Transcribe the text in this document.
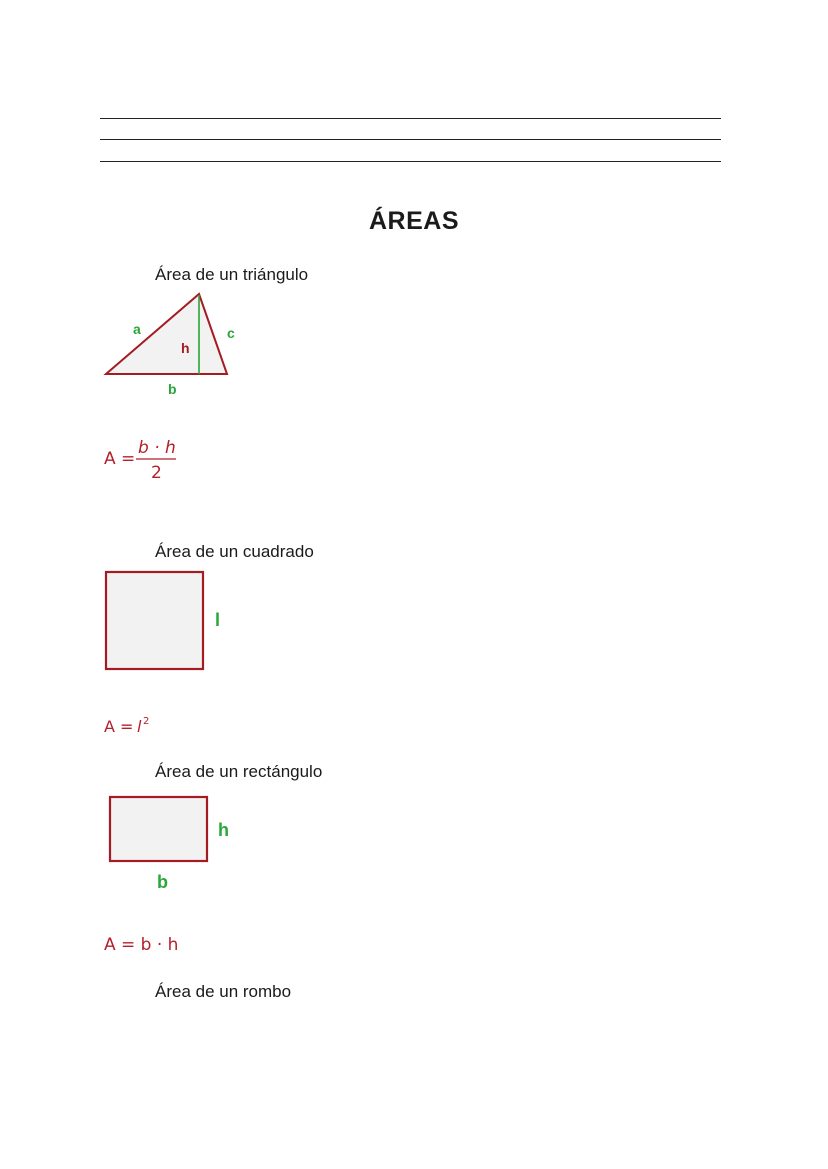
ÁREAS
Área de un triángulo
a	c
h
b
A =
b · h
2
Área de un cuadrado
l
A = l 2
Área de un rectángulo
h
b
A = b · h
Área de un rombo
